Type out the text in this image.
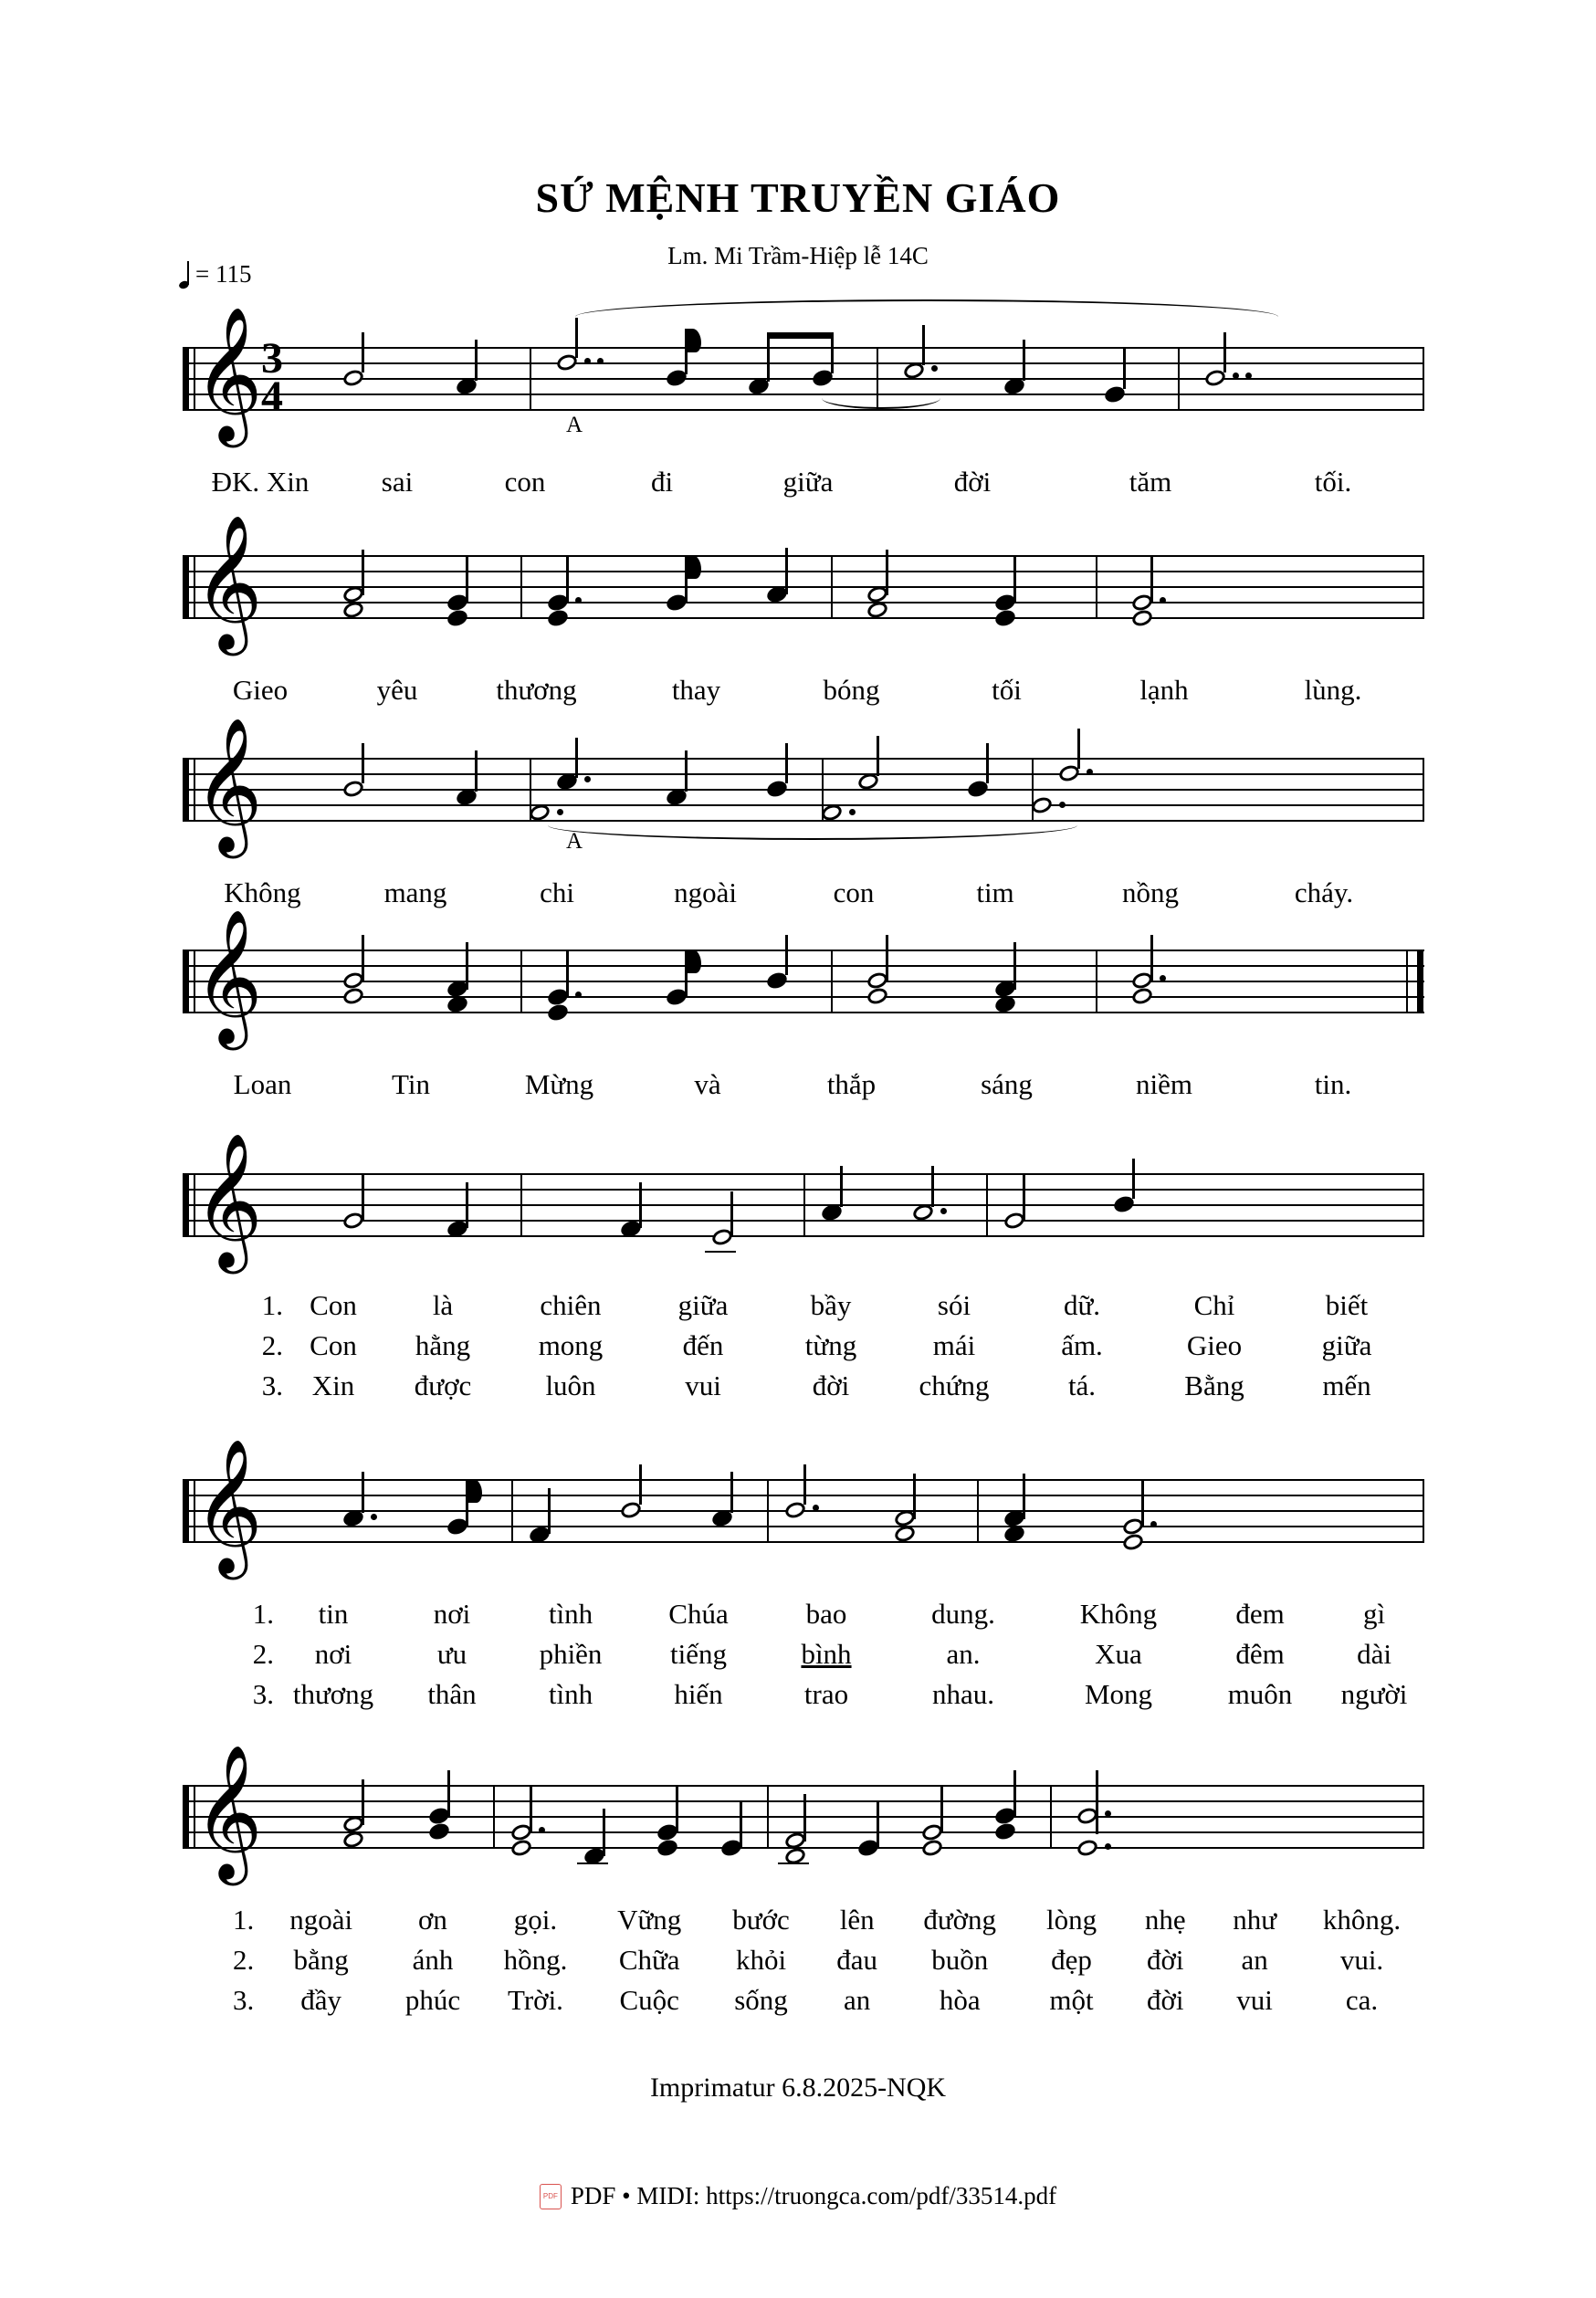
SỨ MỆNH TRUYỀN GIÁO
Lm. Mi Trầm-Hiệp lễ 14C
= 115
𝄞
3
4
A
ĐK. Xin	sai	con	đi	giữa	đời	tăm	tối.
𝄞
Gieo	yêu	thương	thay	bóng	tối	lạnh	lùng.
𝄞	A
Không	mang	chi	ngoài	con	tim	nồng	cháy.
𝄞
Loan	Tin	Mừng	và	thắp	sáng	niềm	tin.
𝄞
1. Con	là	chiên	giữa	bầy	sói	dữ.	Chỉ	biết
2. Con	hằng	mong	đến	từng	mái	ấm.	Gieo	giữa
3.	Xin	được	luôn	vui	đời	chứng	tá.	Bằng	mến
𝄞
1.	tin	nơi	tình	Chúa	bao	dung.	Không	đem	gì
2.	nơi	ưu	phiền	tiếng	bình	an.	Xua	đêm	dài
3. thương	thân	tình	hiến	trao	nhau.	Mong	muôn	người
𝄞
1.	ngoài	ơn	gọi.	Vững	bước	lên	đường	lòng	nhẹ	như	không.
2.	bằng	ánh	hồng.	Chữa	khỏi	đau	buồn	đẹp	đời	an	vui.
3.	đầy	phúc	Trời.	Cuộc	sống	an	hòa	một	đời	vui	ca.
Imprimatur 6.8.2025-NQK
PDF PDF • MIDI: https://truongca.com/pdf/33514.pdf
